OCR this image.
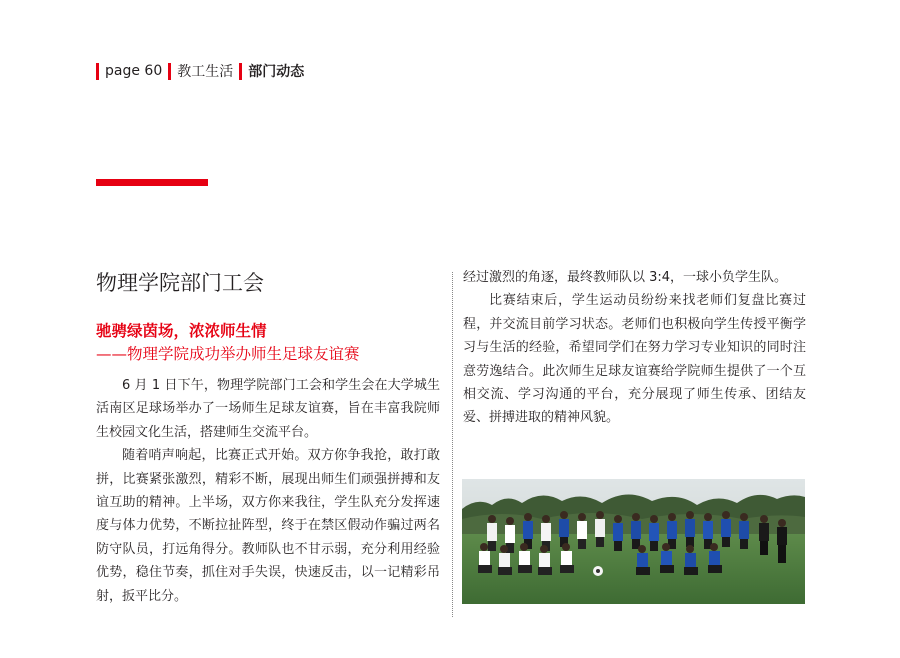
page 60 教工生活 部门动态
物理学院部门工会
驰骋绿茵场，浓浓师生情
——物理学院成功举办师生足球友谊赛

6 月 1 日下午，物理学院部门工会和学生会在大学城生活南区足球场举办了一场师生足球友谊赛，旨在丰富我院师生校园文化生活，搭建师生交流平台。

随着哨声响起，比赛正式开始。双方你争我抢，敢打敢拼，比赛紧张激烈，精彩不断，展现出师生们顽强拼搏和友谊互助的精神。上半场，双方你来我往，学生队充分发挥速度与体力优势，不断拉扯阵型，终于在禁区假动作骗过两名防守队员，打远角得分。教师队也不甘示弱，充分利用经验优势，稳住节奏，抓住对手失误，快速反击，以一记精彩吊射，扳平比分。

经过激烈的角逐，最终教师队以 3:4，一球小负学生队。

比赛结束后，学生运动员纷纷来找老师们复盘比赛过程，并交流目前学习状态。老师们也积极向学生传授平衡学习与生活的经验，希望同学们在努力学习专业知识的同时注意劳逸结合。此次师生足球友谊赛给学院师生提供了一个互相交流、学习沟通的平台，充分展现了师生传承、团结友爱、拼搏进取的精神风貌。
